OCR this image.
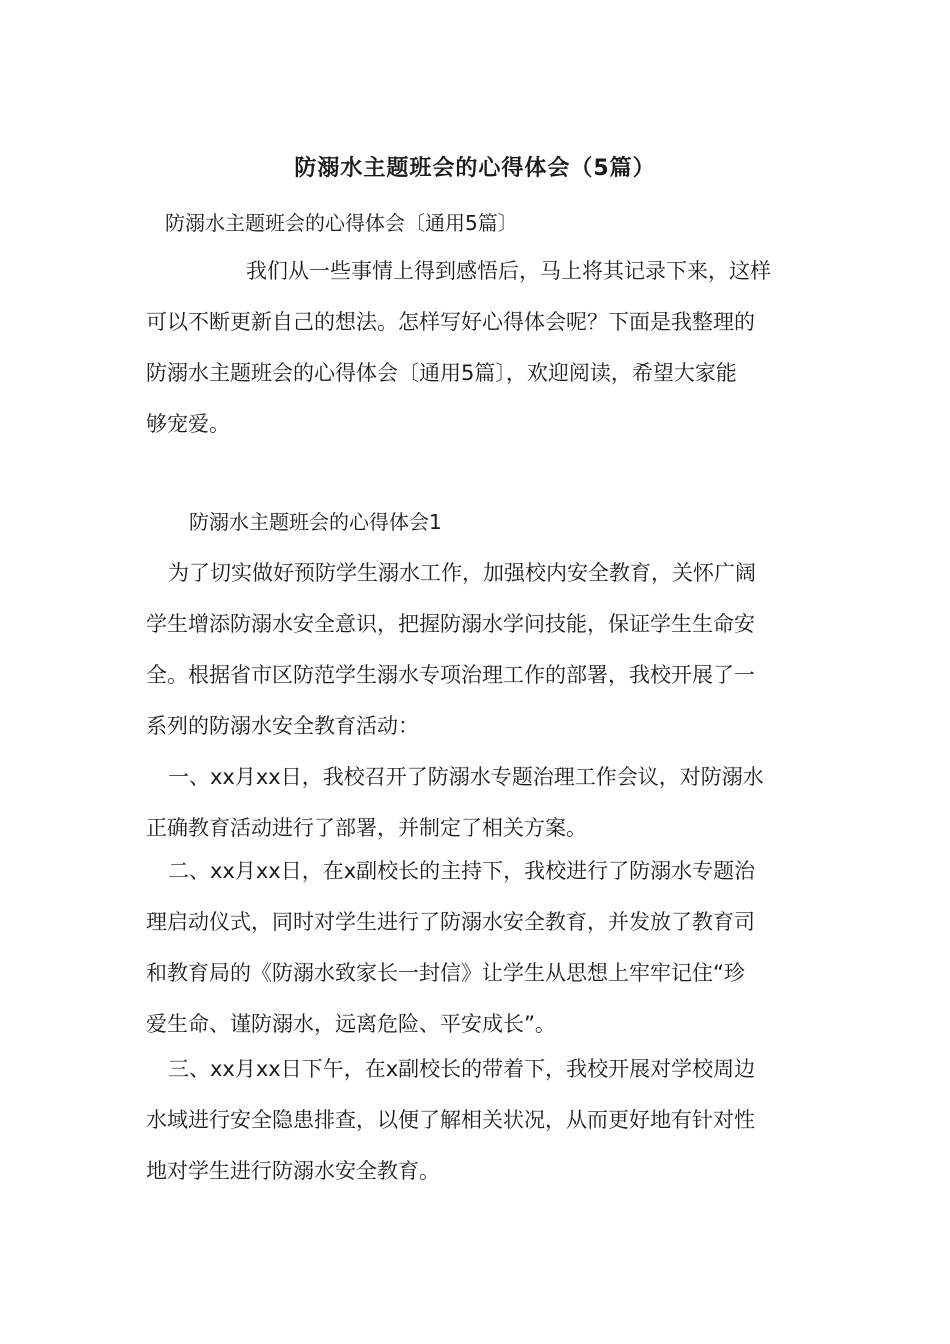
防溺水主题班会的心得体会（5篇）
防溺水主题班会的心得体会〔通用5篇〕
我们从一些事情上得到感悟后，马上将其记录下来，这样
可以不断更新自己的想法。怎样写好心得体会呢？下面是我整理的
防溺水主题班会的心得体会〔通用5篇〕，欢迎阅读，希望大家能
够宠爱。
防溺水主题班会的心得体会1
为了切实做好预防学生溺水工作，加强校内安全教育，关怀广阔
学生增添防溺水安全意识，把握防溺水学问技能，保证学生生命安
全。根据省市区防范学生溺水专项治理工作的部署，我校开展了一
系列的防溺水安全教育活动：
一、xx月xx日，我校召开了防溺水专题治理工作会议，对防溺水
正确教育活动进行了部署，并制定了相关方案。
二、xx月xx日，在x副校长的主持下，我校进行了防溺水专题治
理启动仪式，同时对学生进行了防溺水安全教育，并发放了教育司
和教育局的《防溺水致家长一封信》让学生从思想上牢牢记住“珍
爱生命、谨防溺水，远离危险、平安成长”。
三、xx月xx日下午，在x副校长的带着下，我校开展对学校周边
水域进行安全隐患排查，以便了解相关状况，从而更好地有针对性
地对学生进行防溺水安全教育。
